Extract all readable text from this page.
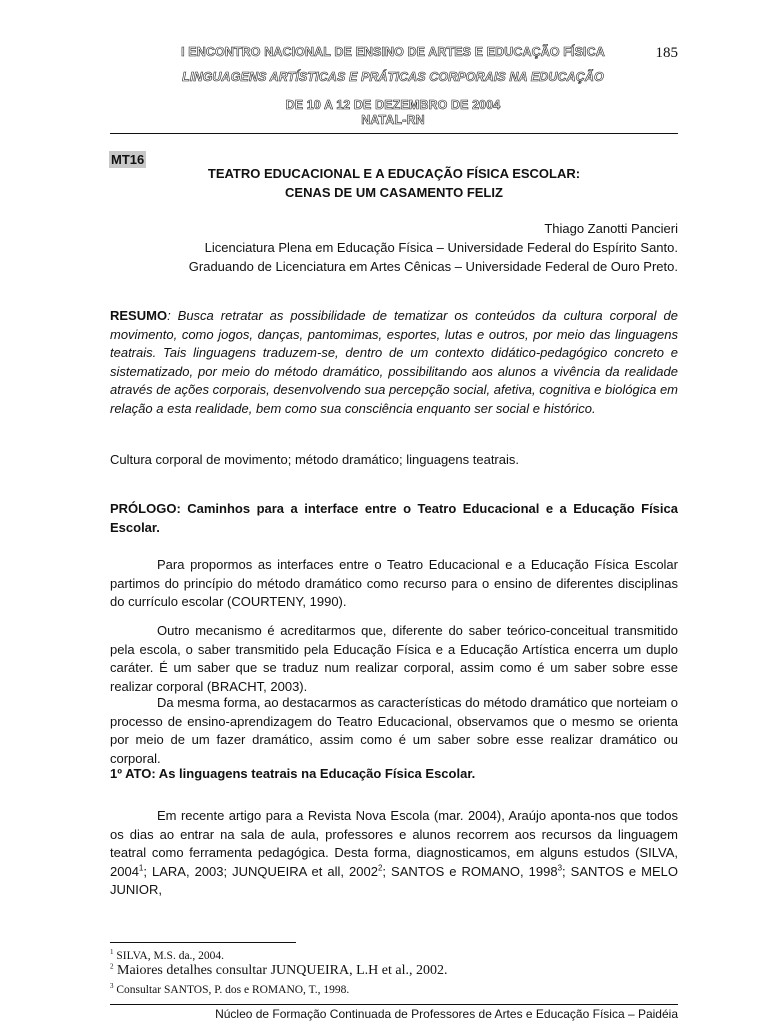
I ENCONTRO NACIONAL DE ENSINO DE ARTES E EDUCAÇÃO FÍSICA	185
LINGUAGENS ARTÍSTICAS E PRÁTICAS CORPORAIS NA EDUCAÇÃO
DE 10 A 12 DE DEZEMBRO DE 2004
NATAL-RN
MT16
TEATRO EDUCACIONAL E A EDUCAÇÃO FÍSICA ESCOLAR:
CENAS DE UM CASAMENTO FELIZ
Thiago Zanotti Pancieri
Licenciatura Plena em Educação Física – Universidade Federal do Espírito Santo.
Graduando de Licenciatura em Artes Cênicas – Universidade Federal de Ouro Preto.
RESUMO: Busca retratar as possibilidade de tematizar os conteúdos da cultura corporal de movimento, como jogos, danças, pantomimas, esportes, lutas e outros, por meio das linguagens teatrais. Tais linguagens traduzem-se, dentro de um contexto didático-pedagógico concreto e sistematizado, por meio do método dramático, possibilitando aos alunos a vivência da realidade através de ações corporais, desenvolvendo sua percepção social, afetiva, cognitiva e biológica em relação a esta realidade, bem como sua consciência enquanto ser social e histórico.
Cultura corporal de movimento; método dramático; linguagens teatrais.
PRÓLOGO: Caminhos para a interface entre o Teatro Educacional e a Educação Física Escolar.
Para propormos as interfaces entre o Teatro Educacional e a Educação Física Escolar partimos do princípio do método dramático como recurso para o ensino de diferentes disciplinas do currículo escolar (COURTENY, 1990).
Outro mecanismo é acreditarmos que, diferente do saber teórico-conceitual transmitido pela escola, o saber transmitido pela Educação Física e a Educação Artística encerra um duplo caráter. É um saber que se traduz num realizar corporal, assim como é um saber sobre esse realizar corporal (BRACHT, 2003).
Da mesma forma, ao destacarmos as características do método dramático que norteiam o processo de ensino-aprendizagem do Teatro Educacional, observamos que o mesmo se orienta por meio de um fazer dramático, assim como é um saber sobre esse realizar dramático ou corporal.
1º ATO: As linguagens teatrais na Educação Física Escolar.
Em recente artigo para a Revista Nova Escola (mar. 2004), Araújo aponta-nos que todos os dias ao entrar na sala de aula, professores e alunos recorrem aos recursos da linguagem teatral como ferramenta pedagógica. Desta forma, diagnosticamos, em alguns estudos (SILVA, 2004$^1$; LARA, 2003; JUNQUEIRA et all, 2002$^2$; SANTOS e ROMANO, 1998$^3$; SANTOS e MELO JUNIOR,
$^1$ SILVA, M.S. da., 2004.
$^2$ Maiores detalhes consultar JUNQUEIRA, L.H et al., 2002.
$^3$ Consultar SANTOS, P. dos e ROMANO, T., 1998.
Núcleo de Formação Continuada de Professores de Artes e Educação Física – Paidéia
